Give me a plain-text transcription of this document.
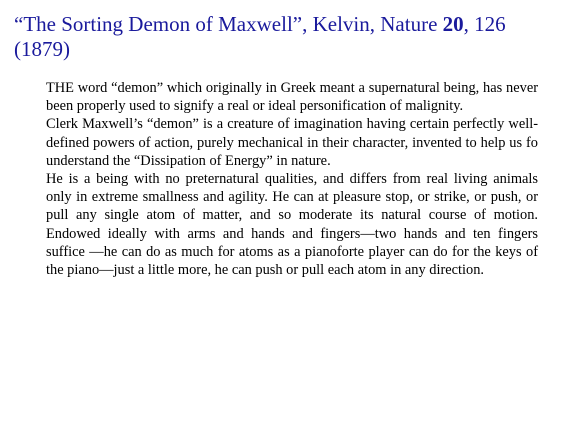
“The Sorting Demon of Maxwell”, Kelvin, Nature 20, 126 (1879)

THE word “demon” which originally in Greek meant a supernatural being, has never been properly used to signify a real or ideal personification of malignity.

Clerk Maxwell’s “demon” is a creature of imagination having certain perfectly well-defined powers of action, purely mechanical in their character, invented to help us fo understand the “Dissipation of Energy” in nature.

He is a being with no preternatural qualities, and differs from real living animals only in extreme smallness and agility. He can at pleasure stop, or strike, or push, or pull any single atom of matter, and so moderate its natural course of motion. Endowed ideally with arms and hands and fingers—two hands and ten fingers suffice —he can do as much for atoms as a pianoforte player can do for the keys of the piano—just a little more, he can push or pull each atom in any direction.
